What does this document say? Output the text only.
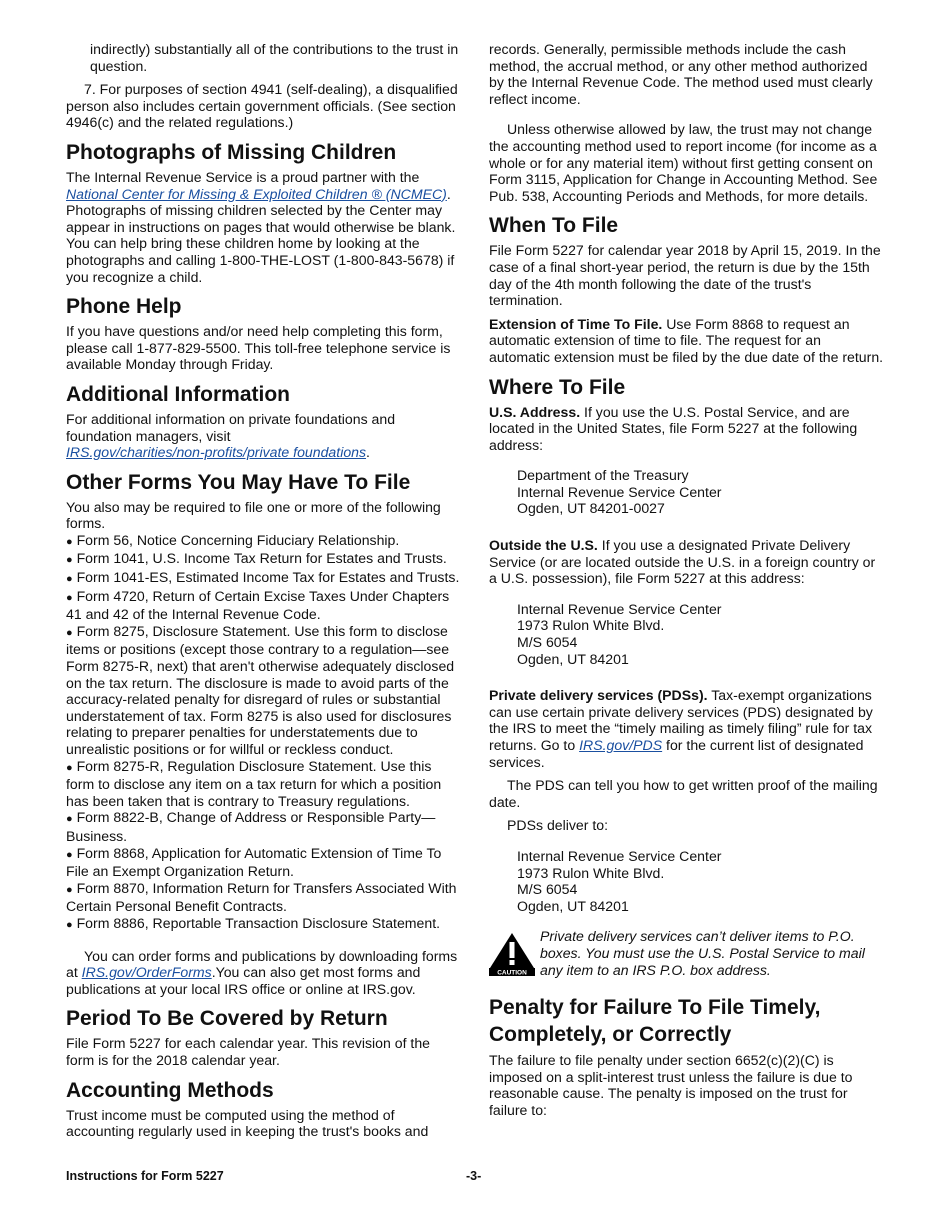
indirectly) substantially all of the contributions to the trust in question.

7. For purposes of section 4941 (self-dealing), a disqualified person also includes certain government officials. (See section 4946(c) and the related regulations.)

Photographs of Missing Children

The Internal Revenue Service is a proud partner with the National Center for Missing & Exploited Children ® (NCMEC). Photographs of missing children selected by the Center may appear in instructions on pages that would otherwise be blank. You can help bring these children home by looking at the photographs and calling 1-800-THE-LOST (1-800-843-5678) if you recognize a child.

Phone Help

If you have questions and/or need help completing this form, please call 1-877-829-5500. This toll-free telephone service is available Monday through Friday.

Additional Information

For additional information on private foundations and foundation managers, visit
IRS.gov/charities/non-profits/private foundations.

Other Forms You May Have To File

You also may be required to file one or more of the following forms.

● Form 56, Notice Concerning Fiduciary Relationship.

● Form 1041, U.S. Income Tax Return for Estates and Trusts.

● Form 1041-ES, Estimated Income Tax for Estates and Trusts.

● Form 4720, Return of Certain Excise Taxes Under Chapters 41 and 42 of the Internal Revenue Code.

● Form 8275, Disclosure Statement. Use this form to disclose items or positions (except those contrary to a regulation—see Form 8275-R, next) that aren't otherwise adequately disclosed on the tax return. The disclosure is made to avoid parts of the accuracy-related penalty for disregard of rules or substantial understatement of tax. Form 8275 is also used for disclosures relating to preparer penalties for understatements due to unrealistic positions or for willful or reckless conduct.

● Form 8275-R, Regulation Disclosure Statement. Use this form to disclose any item on a tax return for which a position has been taken that is contrary to Treasury regulations.

● Form 8822-B, Change of Address or Responsible Party—Business.

● Form 8868, Application for Automatic Extension of Time To File an Exempt Organization Return.

● Form 8870, Information Return for Transfers Associated With Certain Personal Benefit Contracts.

● Form 8886, Reportable Transaction Disclosure Statement.

You can order forms and publications by downloading forms at IRS.gov/OrderForms.You can also get most forms and publications at your local IRS office or online at IRS.gov.

Period To Be Covered by Return

File Form 5227 for each calendar year. This revision of the form is for the 2018 calendar year.

Accounting Methods

Trust income must be computed using the method of accounting regularly used in keeping the trust's books and

records. Generally, permissible methods include the cash method, the accrual method, or any other method authorized by the Internal Revenue Code. The method used must clearly reflect income.

Unless otherwise allowed by law, the trust may not change the accounting method used to report income (for income as a whole or for any material item) without first getting consent on Form 3115, Application for Change in Accounting Method. See Pub. 538, Accounting Periods and Methods, for more details.

When To File

File Form 5227 for calendar year 2018 by April 15, 2019. In the case of a final short-year period, the return is due by the 15th day of the 4th month following the date of the trust's termination.

Extension of Time To File. Use Form 8868 to request an automatic extension of time to file. The request for an automatic extension must be filed by the due date of the return.

Where To File

U.S. Address. If you use the U.S. Postal Service, and are located in the United States, file Form 5227 at the following address:

Department of the Treasury
Internal Revenue Service Center
Ogden, UT 84201-0027

Outside the U.S. If you use a designated Private Delivery Service (or are located outside the U.S. in a foreign country or a U.S. possession), file Form 5227 at this address:

Internal Revenue Service Center
1973 Rulon White Blvd.
M/S 6054
Ogden, UT 84201

Private delivery services (PDSs). Tax-exempt organizations can use certain private delivery services (PDS) designated by the IRS to meet the “timely mailing as timely filing” rule for tax returns. Go to IRS.gov/PDS for the current list of designated services.

The PDS can tell you how to get written proof of the mailing date.

PDSs deliver to:

Internal Revenue Service Center
1973 Rulon White Blvd.
M/S 6054
Ogden, UT 84201
CAUTION
Private delivery services can’t deliver items to P.O. boxes. You must use the U.S. Postal Service to mail any item to an IRS P.O. box address.
Penalty for Failure To File Timely, Completely, or Correctly

The failure to file penalty under section 6652(c)(2)(C) is imposed on a split-interest trust unless the failure is due to reasonable cause. The penalty is imposed on the trust for failure to:

Instructions for Form 5227	-3-
